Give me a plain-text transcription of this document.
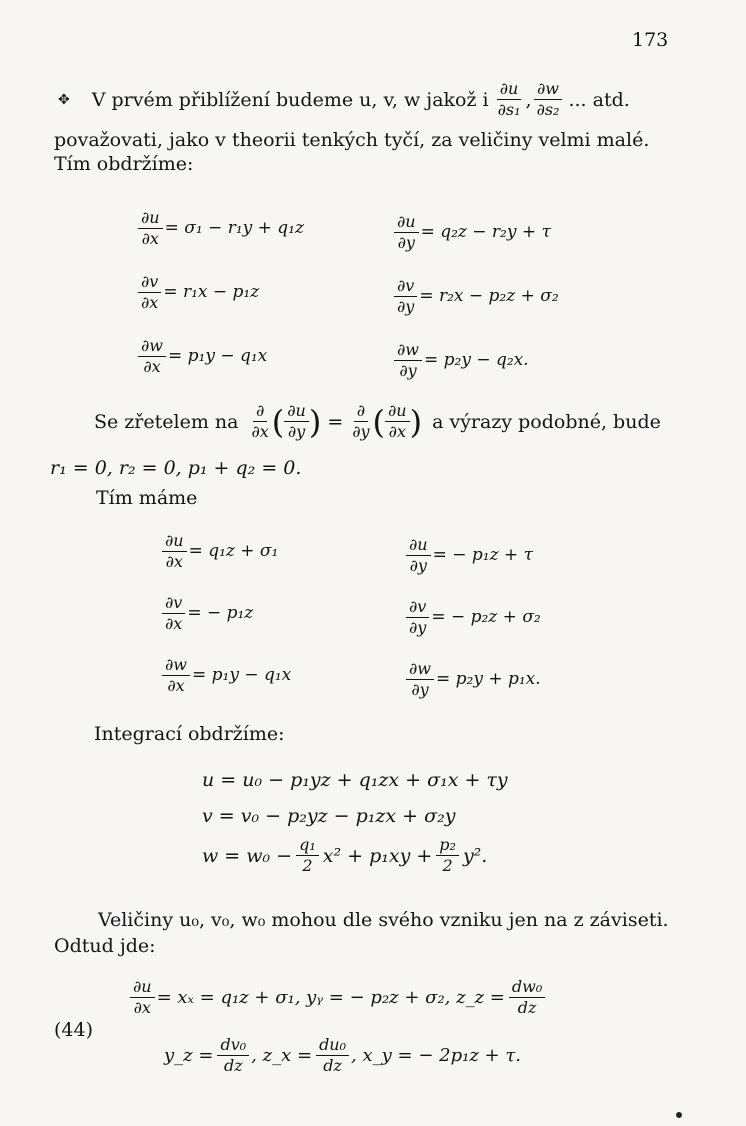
173
✥ V prvém přiblížení budeme u, v, w jakož i $\frac{\partial u}{\text{∂s₁}}$ , $\frac{\partial w}{\text{∂s₂}}$ ... atd.
považovati, jako v theorii tenkých tyčí, za veličiny velmi malé.
Tím obdržíme:
$\frac{\partial u}{\partial x} = \sigma_1 - r_1y + q_1z$
$\frac{\partial v}{\partial x} = r_1x - p_1z$
$\frac{\partial w}{\partial x} = p_1y - q_1x$
$\frac{\partial u}{\partial y} = q_2z - r_2y + \tau$
$\frac{\partial v}{\partial y} = r_2x - p_2z + \sigma_2$
$\frac{\partial w}{\partial y} = p_2y - q_2x$.
Se zřetelem na $\frac{\partial}{\partial x}$ ( $\frac{\partial u}{\partial y}$ ) = $\frac{\partial}{\partial y}$ ( $\frac{\partial u}{\partial x}$ ) a výrazy podobné, bude
r₁ = 0, r₂ = 0, p₁ + q₂ = 0.
Tím máme
$\frac{\partial u}{\partial x} = q_1z + \sigma_1$
$\frac{\partial v}{\partial x}$ = − p₁z
$\frac{\partial w}{\partial x} = p_1y - q_1x$
$\frac{\partial u}{\partial y}$ = − p₁z + τ
$\frac{\partial v}{\partial y}$ = − p₂z + σ₂
$\frac{\partial w}{\partial y} = p_2y + p_1x$.
Integrací obdržíme:
u = u₀ − p₁yz + q₁zx + σ₁x + τy
v = v₀ − p₂yz − p₁zx + σ₂y
$w = w_0 - \frac{\text{q₁}}{2} x^2 + p_1xy + \frac{\text{p₂}}{2} y^2$.
Veličiny u₀, v₀, w₀ mohou dle svého vzniku jen na z záviseti.
Odtud jde:
(44)
$\frac{\partial u}{\partial x} = x_x = q_1z + \sigma_1$, yᵧ = − p₂z + σ₂, z_z = $\frac{\text{dw₀}}{dz}$
y_z = $\frac{\text{dv₀}}{dz}$ , z_x = $\frac{\text{du₀}}{dz}$ , x_y = − 2p₁z + τ.
